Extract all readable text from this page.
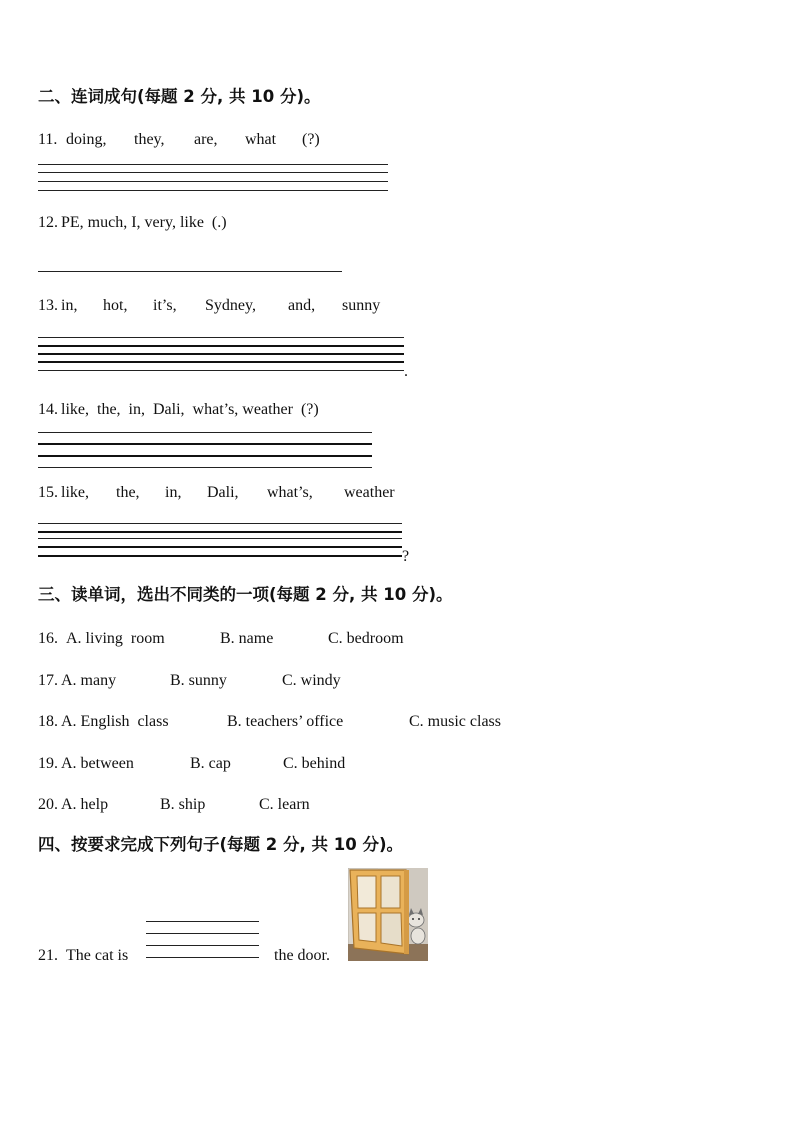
二、连词成句(每题 2 分, 共 10 分)。
11. doing, they, are, what (?)
12. PE, much, I, very, like  (.)
13. in, hot, it’s, Sydney, and, sunny
.
14. like,  the,  in,  Dali,  what’s, weather  (?)
15. like, the, in, Dali, what’s, weather
?
三、读单词，选出不同类的一项(每题 2 分, 共 10 分)。
16. A. living  room	B. name	C. bedroom
17. A. many	B. sunny	C. windy
18. A. English  class	B. teachers’ office	C. music class
19. A. between	B. cap	C. behind
20. A. help	B. ship	C. learn
四、按要求完成下列句子(每题 2 分, 共 10 分)。
21. The cat is	the door.
